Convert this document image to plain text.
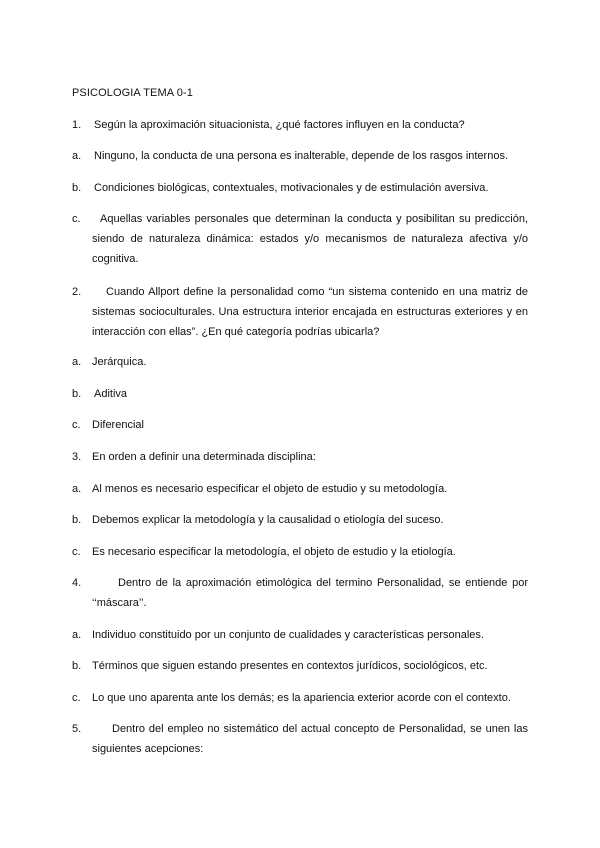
PSICOLOGIA TEMA 0-1
1.	Según la aproximación situacionista, ¿qué factores influyen en la conducta?
a.	Ninguno, la conducta de una persona es inalterable, depende de los rasgos internos.
b.	Condiciones biológicas, contextuales, motivacionales y de estimulación aversiva.
c.	Aquellas variables personales que determinan la conducta y posibilitan su predicción, siendo de naturaleza dinámica: estados y/o mecanismos de naturaleza afectiva y/o cognitiva.
2.	Cuando Allport define la personalidad como “un sistema contenido en una matriz de sistemas socioculturales. Una estructura interior encajada en estructuras exteriores y en interacción con ellas”. ¿En qué categoría podrías ubicarla?
a. Jerárquica.
b.	Aditiva
c.	Diferencial
3. En orden a definir una determinada disciplina:
a. Al menos es necesario especificar el objeto de estudio y su metodología.
b. Debemos explicar la metodología y la causalidad o etiología del suceso.
c.	Es necesario especificar la metodología, el objeto de estudio y la etiología.
4.	Dentro de la aproximación etimológica del termino Personalidad, se entiende por ‘‘máscara’’.
a. Individuo constituido por un conjunto de cualidades y características personales.
b. Términos que siguen estando presentes en contextos jurídicos, sociológicos, etc.
c.	Lo que uno aparenta ante los demás; es la apariencia exterior acorde con el contexto.
5.	Dentro del empleo no sistemático del actual concepto de Personalidad, se unen las siguientes acepciones:
